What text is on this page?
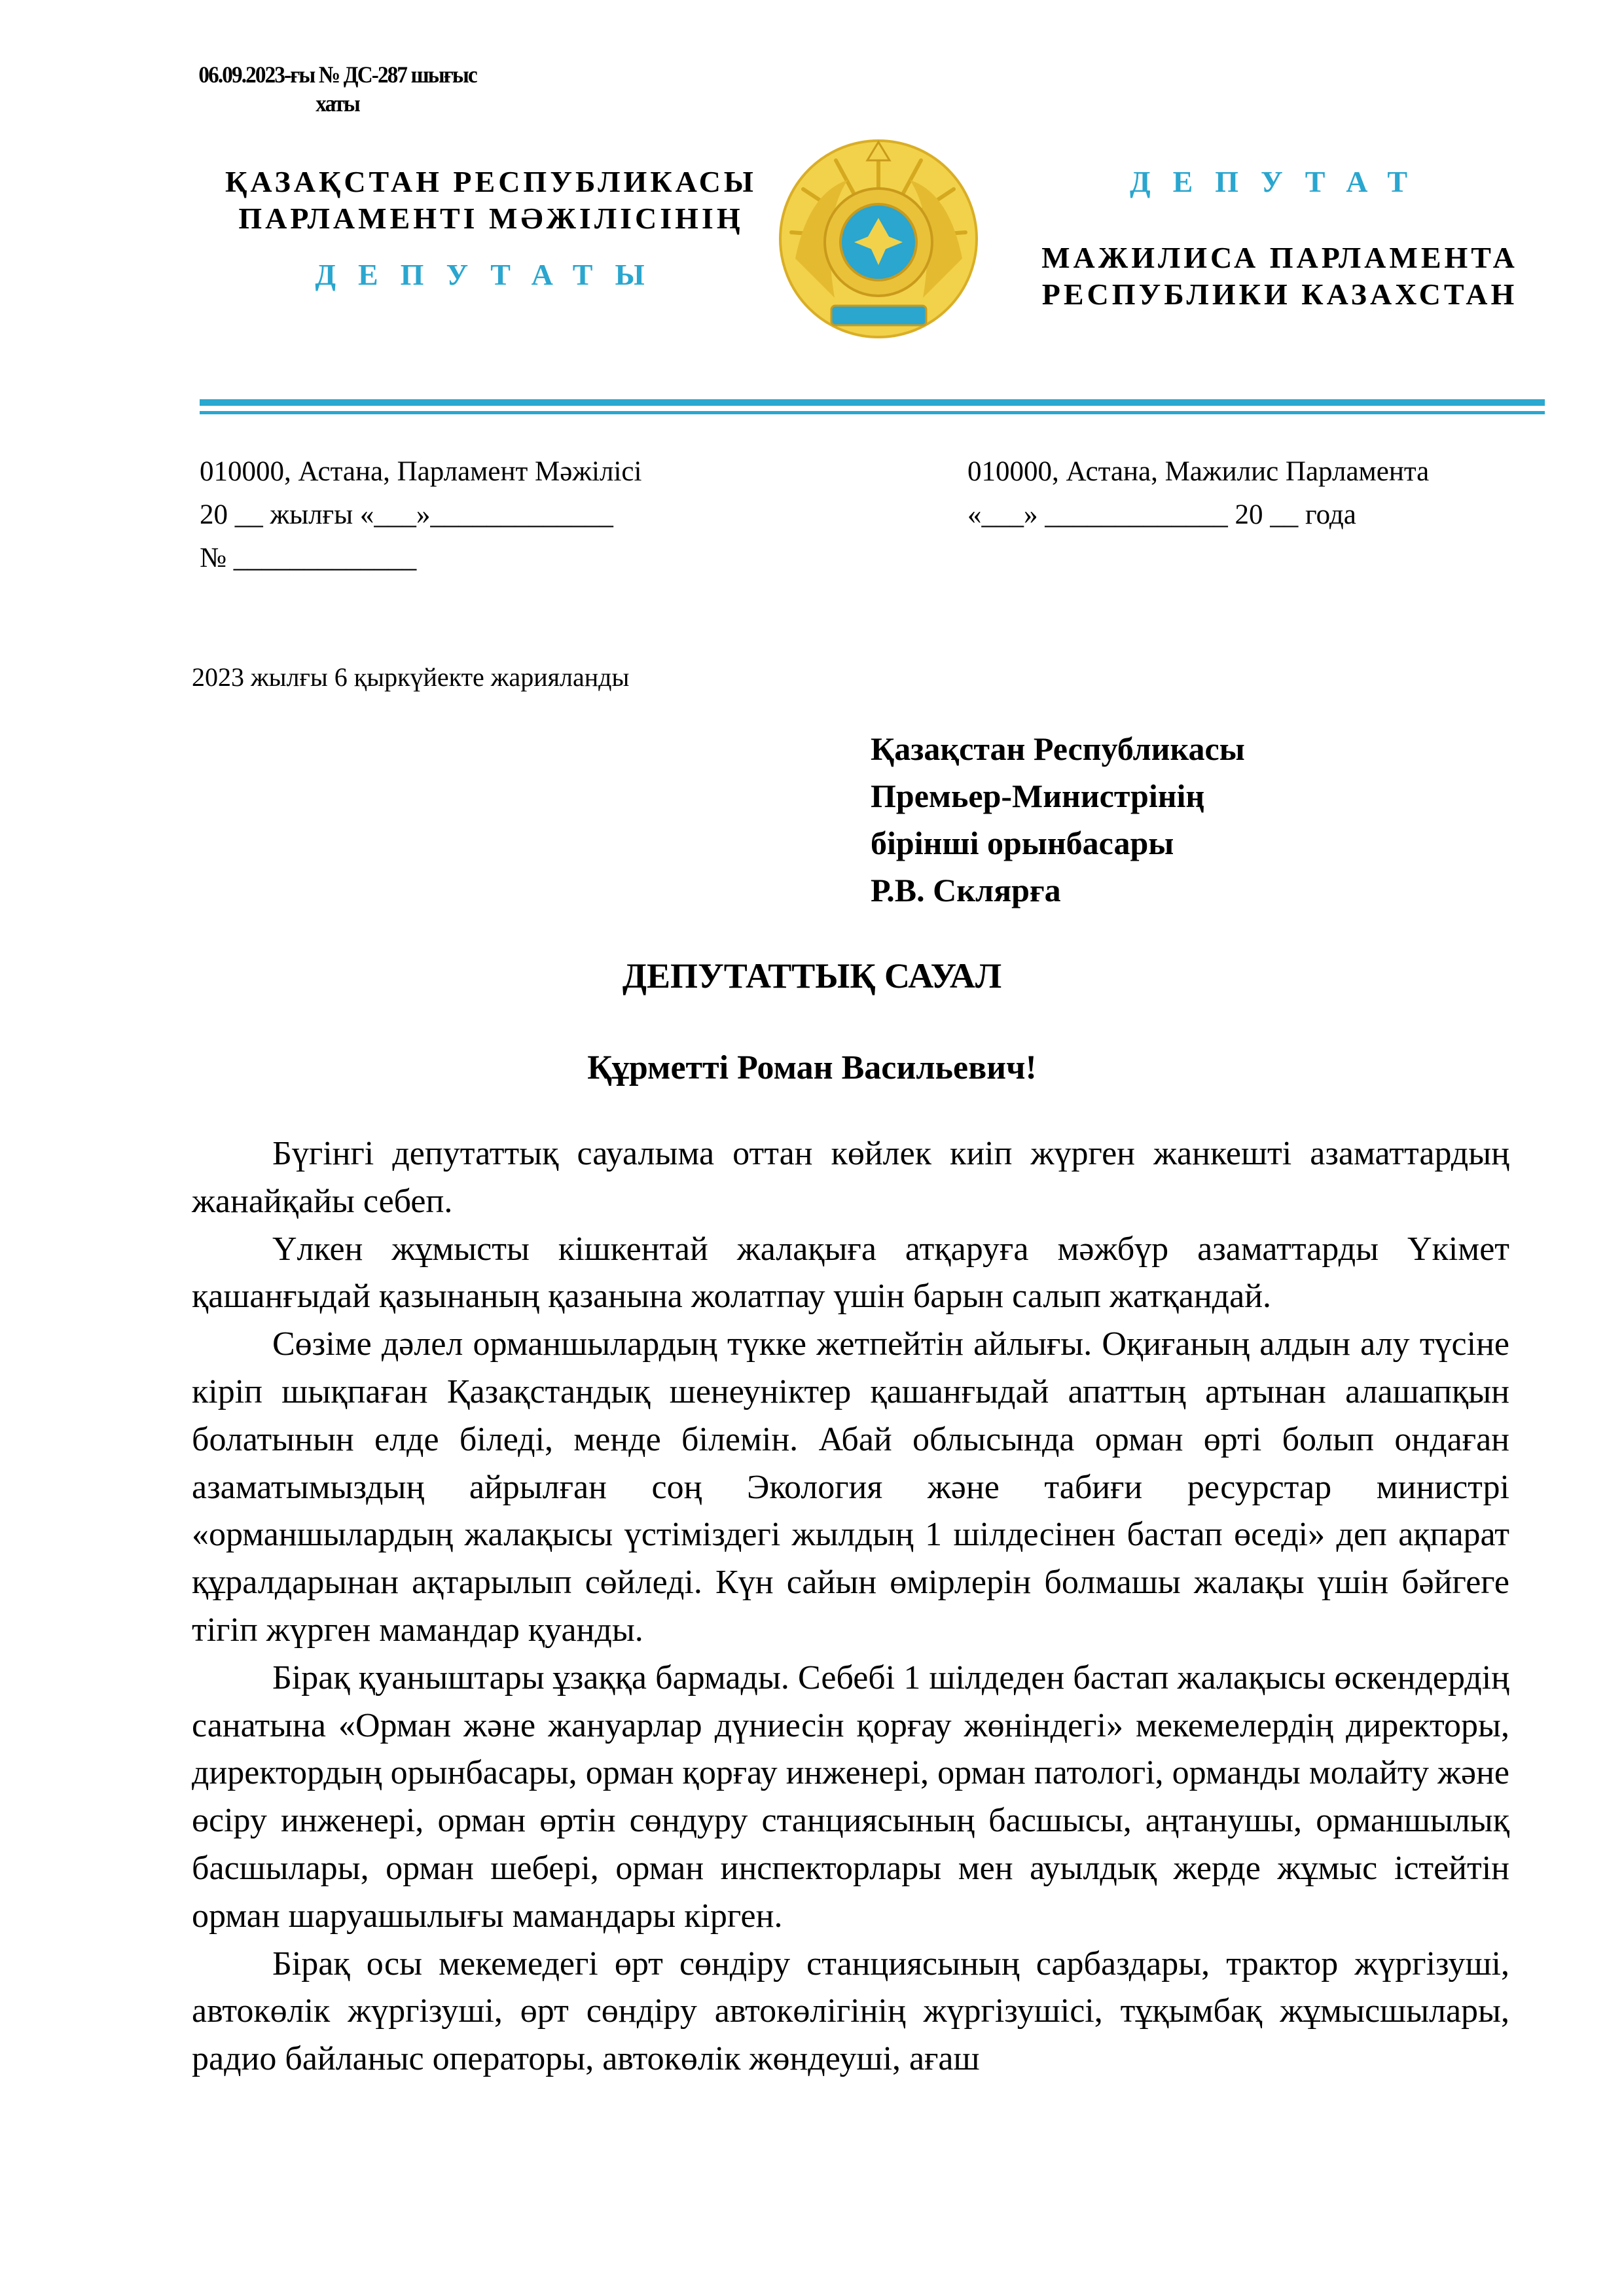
06.09.2023-ғы № ДС-287 шығыс
хаты
ҚАЗАҚСТАН РЕСПУБЛИКАСЫ
ПАРЛАМЕНТІ МӘЖІЛІСІНІҢ
ДЕПУТАТЫ
ДЕПУТАТ
МАЖИЛИСА ПАРЛАМЕНТА
РЕСПУБЛИКИ КАЗАХСТАН
010000, Астана, Парламент Мәжілісі
20 __ жылғы «___»_____________
№ _____________
010000, Астана, Мажилис Парламента
«___» _____________ 20 __ года
2023 жылғы 6 қыркүйекте жарияланды
Қазақстан Республикасы
Премьер-Министрінің
бірінші орынбасары
Р.В. Склярға
ДЕПУТАТТЫҚ САУАЛ
Құрметті Роман Васильевич!

Бүгінгі депутаттық сауалыма оттан көйлек киіп жүрген жанкешті азаматтардың жанайқайы себеп.

Үлкен жұмысты кішкентай жалақыға атқаруға мәжбүр азаматтарды Үкімет қашанғыдай қазынаның қазанына жолатпау үшін барын салып жатқандай.

Сөзіме дәлел орманшылардың түкке жетпейтін айлығы. Оқиғаның алдын алу түсіне кіріп шықпаған Қазақстандық шенеуніктер қашанғыдай апаттың артынан алашапқын болатынын елде біледі, менде білемін. Абай облысында орман өрті болып ондаған азаматымыздың айрылған соң Экология және табиғи ресурстар министрі «орманшылардың жалақысы үстіміздегі жылдың 1 шілдесінен бастап өседі» деп ақпарат құралдарынан ақтарылып сөйледі. Күн сайын өмірлерін болмашы жалақы үшін бәйгеге тігіп жүрген мамандар қуанды.

Бірақ қуаныштары ұзаққа бармады. Себебі 1 шілдеден бастап жалақысы өскендердің санатына «Орман және жануарлар дүниесін қорғау жөніндегі» мекемелердің директоры, директордың орынбасары, орман қорғау инженері, орман патологі, орманды молайту және өсіру инженері, орман өртін сөндуру станциясының басшысы, аңтанушы, орманшылық басшылары, орман шебері, орман инспекторлары мен ауылдық жерде жұмыс істейтін орман шаруашылығы мамандары кірген.

Бірақ осы мекемедегі өрт сөндіру станциясының сарбаздары, трактор жүргізуші, автокөлік жүргізуші, өрт сөндіру автокөлігінің жүргізушісі, тұқымбақ жұмысшылары, радио байланыс операторы, автокөлік жөндеуші, ағаш
